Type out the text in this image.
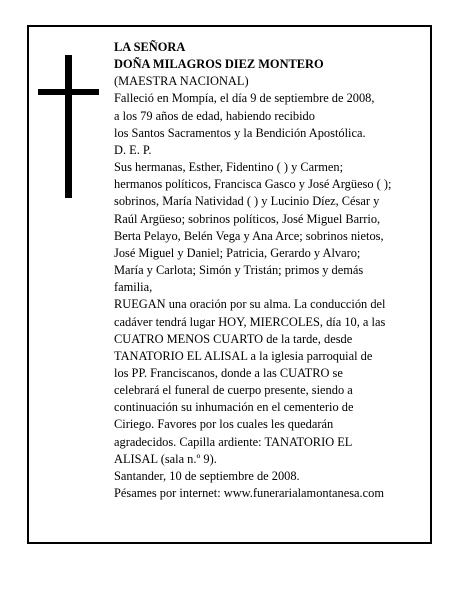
LA SEÑORA
DOÑA MILAGROS DIEZ MONTERO
(MAESTRA NACIONAL)
Falleció en Mompía, el día 9 de septiembre de 2008,
a los 79 años de edad, habiendo recibido
los Santos Sacramentos y la Bendición Apostólica.
D. E. P.
Sus hermanas, Esther, Fidentino ( ) y Carmen;
hermanos políticos, Francisca Gasco y José Argüeso ( );
sobrinos, María Natividad ( ) y Lucinio Díez, César y
Raúl Argüeso; sobrinos políticos, José Miguel Barrio,
Berta Pelayo, Belén Vega y Ana Arce; sobrinos nietos,
José Miguel y Daniel; Patricia, Gerardo y Alvaro;
María y Carlota; Simón y Tristán; primos y demás
familia,
RUEGAN una oración por su alma. La conducción del
cadáver tendrá lugar HOY, MIERCOLES, día 10, a las
CUATRO MENOS CUARTO de la tarde, desde
TANATORIO EL ALISAL a la iglesia parroquial de
los PP. Franciscanos, donde a las CUATRO se
celebrará el funeral de cuerpo presente, siendo a
continuación su inhumación en el cementerio de
Ciriego. Favores por los cuales les quedarán
agradecidos. Capilla ardiente: TANATORIO EL
ALISAL (sala n.º 9).
Santander, 10 de septiembre de 2008.
Pésames por internet: www.funerarialamontanesa.com
